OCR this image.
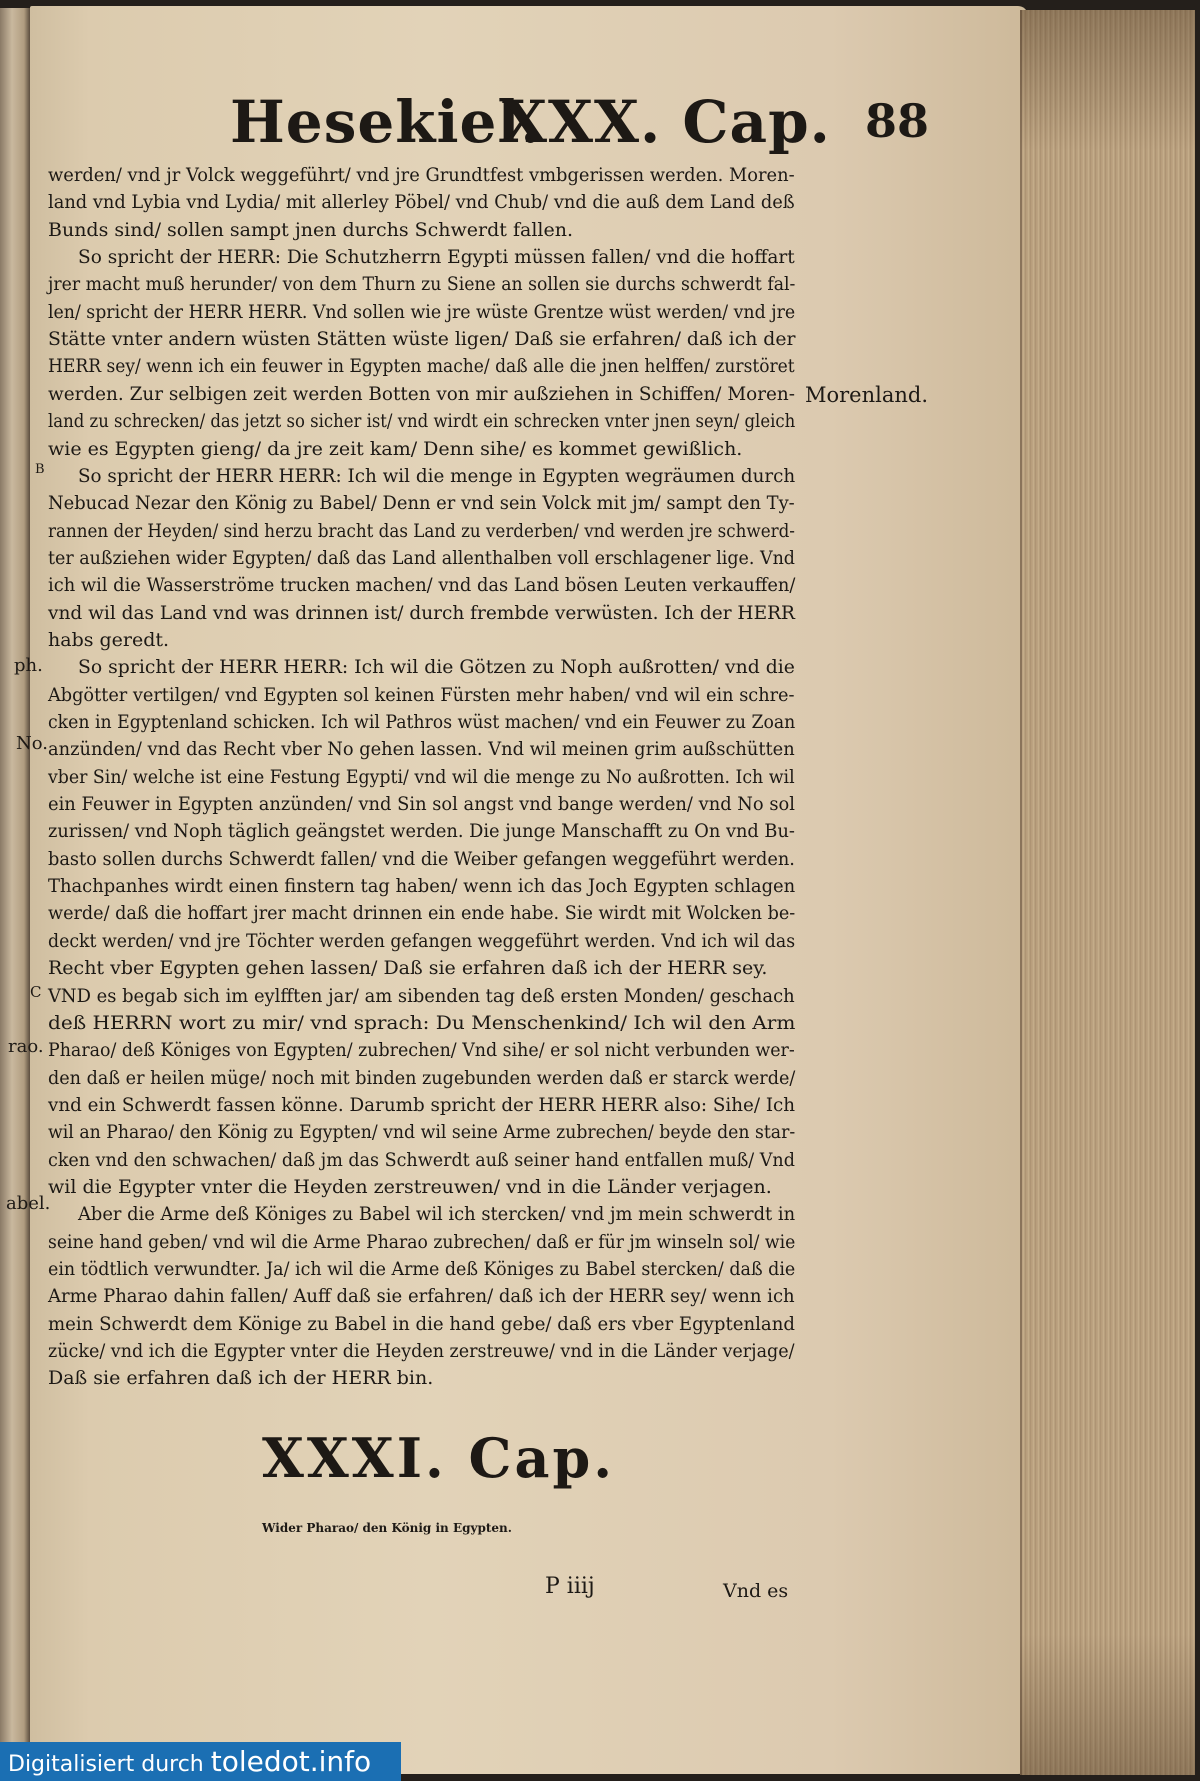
Hesekiel.
XXX. Cap. 88
werden/ vnd jr Volck weggeführt/ vnd jre Grundtfest vmbgerissen werden. Moren-
land vnd Lybia vnd Lydia/ mit allerley Pöbel/ vnd Chub/ vnd die auß dem Land deß
Bunds sind/ sollen sampt jnen durchs Schwerdt fallen.
So spricht der HERR: Die Schutzherrn Egypti müssen fallen/ vnd die hoffart
jrer macht muß herunder/ von dem Thurn zu Siene an sollen sie durchs schwerdt fal-
len/ spricht der HERR HERR. Vnd sollen wie jre wüste Grentze wüst werden/ vnd jre
Stätte vnter andern wüsten Stätten wüste ligen/ Daß sie erfahren/ daß ich der
HERR sey/ wenn ich ein feuwer in Egypten mache/ daß alle die jnen helffen/ zurstöret
werden. Zur selbigen zeit werden Botten von mir außziehen in Schiffen/ Moren-
land zu schrecken/ das jetzt so sicher ist/ vnd wirdt ein schrecken vnter jnen seyn/ gleich
wie es Egypten gieng/ da jre zeit kam/ Denn sihe/ es kommet gewißlich.
So spricht der HERR HERR: Ich wil die menge in Egypten wegräumen durch
Nebucad Nezar den König zu Babel/ Denn er vnd sein Volck mit jm/ sampt den Ty-
rannen der Heyden/ sind herzu bracht das Land zu verderben/ vnd werden jre schwerd-
ter außziehen wider Egypten/ daß das Land allenthalben voll erschlagener lige. Vnd
ich wil die Wasserströme trucken machen/ vnd das Land bösen Leuten verkauffen/
vnd wil das Land vnd was drinnen ist/ durch frembde verwüsten. Ich der HERR
habs geredt.
So spricht der HERR HERR: Ich wil die Götzen zu Noph außrotten/ vnd die
Abgötter vertilgen/ vnd Egypten sol keinen Fürsten mehr haben/ vnd wil ein schre-
cken in Egyptenland schicken. Ich wil Pathros wüst machen/ vnd ein Feuwer zu Zoan
anzünden/ vnd das Recht vber No gehen lassen. Vnd wil meinen grim außschütten
vber Sin/ welche ist eine Festung Egypti/ vnd wil die menge zu No außrotten. Ich wil
ein Feuwer in Egypten anzünden/ vnd Sin sol angst vnd bange werden/ vnd No sol
zurissen/ vnd Noph täglich geängstet werden. Die junge Manschafft zu On vnd Bu-
basto sollen durchs Schwerdt fallen/ vnd die Weiber gefangen weggeführt werden.
Thachpanhes wirdt einen finstern tag haben/ wenn ich das Joch Egypten schlagen
werde/ daß die hoffart jrer macht drinnen ein ende habe. Sie wirdt mit Wolcken be-
deckt werden/ vnd jre Töchter werden gefangen weggeführt werden. Vnd ich wil das
Recht vber Egypten gehen lassen/ Daß sie erfahren daß ich der HERR sey.
VND es begab sich im eylfften jar/ am sibenden tag deß ersten Monden/ geschach
deß HERRN wort zu mir/ vnd sprach: Du Menschenkind/ Ich wil den Arm
Pharao/ deß Königes von Egypten/ zubrechen/ Vnd sihe/ er sol nicht verbunden wer-
den daß er heilen müge/ noch mit binden zugebunden werden daß er starck werde/
vnd ein Schwerdt fassen könne. Darumb spricht der HERR HERR also: Sihe/ Ich
wil an Pharao/ den König zu Egypten/ vnd wil seine Arme zubrechen/ beyde den star-
cken vnd den schwachen/ daß jm das Schwerdt auß seiner hand entfallen muß/ Vnd
wil die Egypter vnter die Heyden zerstreuwen/ vnd in die Länder verjagen.
Aber die Arme deß Königes zu Babel wil ich stercken/ vnd jm mein schwerdt in
seine hand geben/ vnd wil die Arme Pharao zubrechen/ daß er für jm winseln sol/ wie
ein tödtlich verwundter. Ja/ ich wil die Arme deß Königes zu Babel stercken/ daß die
Arme Pharao dahin fallen/ Auff daß sie erfahren/ daß ich der HERR sey/ wenn ich
mein Schwerdt dem Könige zu Babel in die hand gebe/ daß ers vber Egyptenland
zücke/ vnd ich die Egypter vnter die Heyden zerstreuwe/ vnd in die Länder verjage/
Daß sie erfahren daß ich der HERR bin.
Morenland.
B
C
ph.
No.
rao.
abel.
XXXI. Cap.
Wider Pharao/ den König in Egypten.
P iiij	Vnd es
Digitalisiert durch toledot.info
